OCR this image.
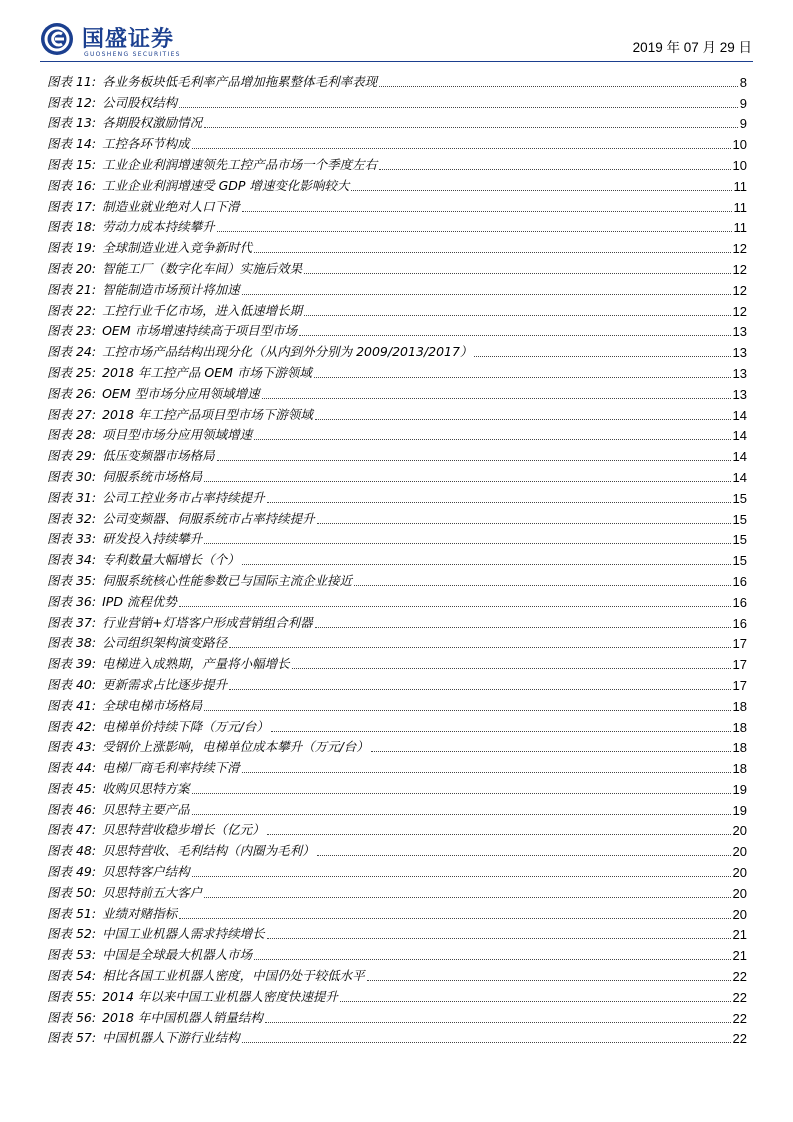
国盛证券
GUOSHENG SECURITIES	2019 年 07 月 29 日
图表 11: 各业务板块低毛利率产品增加拖累整体毛利率表现	8
图表 12: 公司股权结构	9
图表 13: 各期股权激励情况	9
图表 14: 工控各环节构成	10
图表 15: 工业企业利润增速领先工控产品市场一个季度左右	10
图表 16: 工业企业利润增速受 GDP 增速变化影响较大	11
图表 17: 制造业就业绝对人口下滑	11
图表 18: 劳动力成本持续攀升	11
图表 19: 全球制造业进入竞争新时代	12
图表 20: 智能工厂（数字化车间）实施后效果	12
图表 21: 智能制造市场预计将加速	12
图表 22: 工控行业千亿市场，进入低速增长期	12
图表 23: OEM 市场增速持续高于项目型市场	13
图表 24: 工控市场产品结构出现分化（从内到外分别为 2009/2013/2017）	13
图表 25: 2018 年工控产品 OEM 市场下游领域	13
图表 26: OEM 型市场分应用领域增速	13
图表 27: 2018 年工控产品项目型市场下游领域	14
图表 28: 项目型市场分应用领域增速	14
图表 29: 低压变频器市场格局	14
图表 30: 伺服系统市场格局	14
图表 31: 公司工控业务市占率持续提升	15
图表 32: 公司变频器、伺服系统市占率持续提升	15
图表 33: 研发投入持续攀升	15
图表 34: 专利数量大幅增长（个）	15
图表 35: 伺服系统核心性能参数已与国际主流企业接近	16
图表 36: IPD 流程优势	16
图表 37: 行业营销+灯塔客户形成营销组合利器	16
图表 38: 公司组织架构演变路径	17
图表 39: 电梯进入成熟期，产量将小幅增长	17
图表 40: 更新需求占比逐步提升	17
图表 41: 全球电梯市场格局	18
图表 42: 电梯单价持续下降（万元/台）	18
图表 43: 受钢价上涨影响，电梯单位成本攀升（万元/台）	18
图表 44: 电梯厂商毛利率持续下滑	18
图表 45: 收购贝思特方案	19
图表 46: 贝思特主要产品	19
图表 47: 贝思特营收稳步增长（亿元）	20
图表 48: 贝思特营收、毛利结构（内圈为毛利）	20
图表 49: 贝思特客户结构	20
图表 50: 贝思特前五大客户	20
图表 51: 业绩对赌指标	20
图表 52: 中国工业机器人需求持续增长	21
图表 53: 中国是全球最大机器人市场	21
图表 54: 相比各国工业机器人密度，中国仍处于较低水平	22
图表 55: 2014 年以来中国工业机器人密度快速提升	22
图表 56: 2018 年中国机器人销量结构	22
图表 57: 中国机器人下游行业结构	22
